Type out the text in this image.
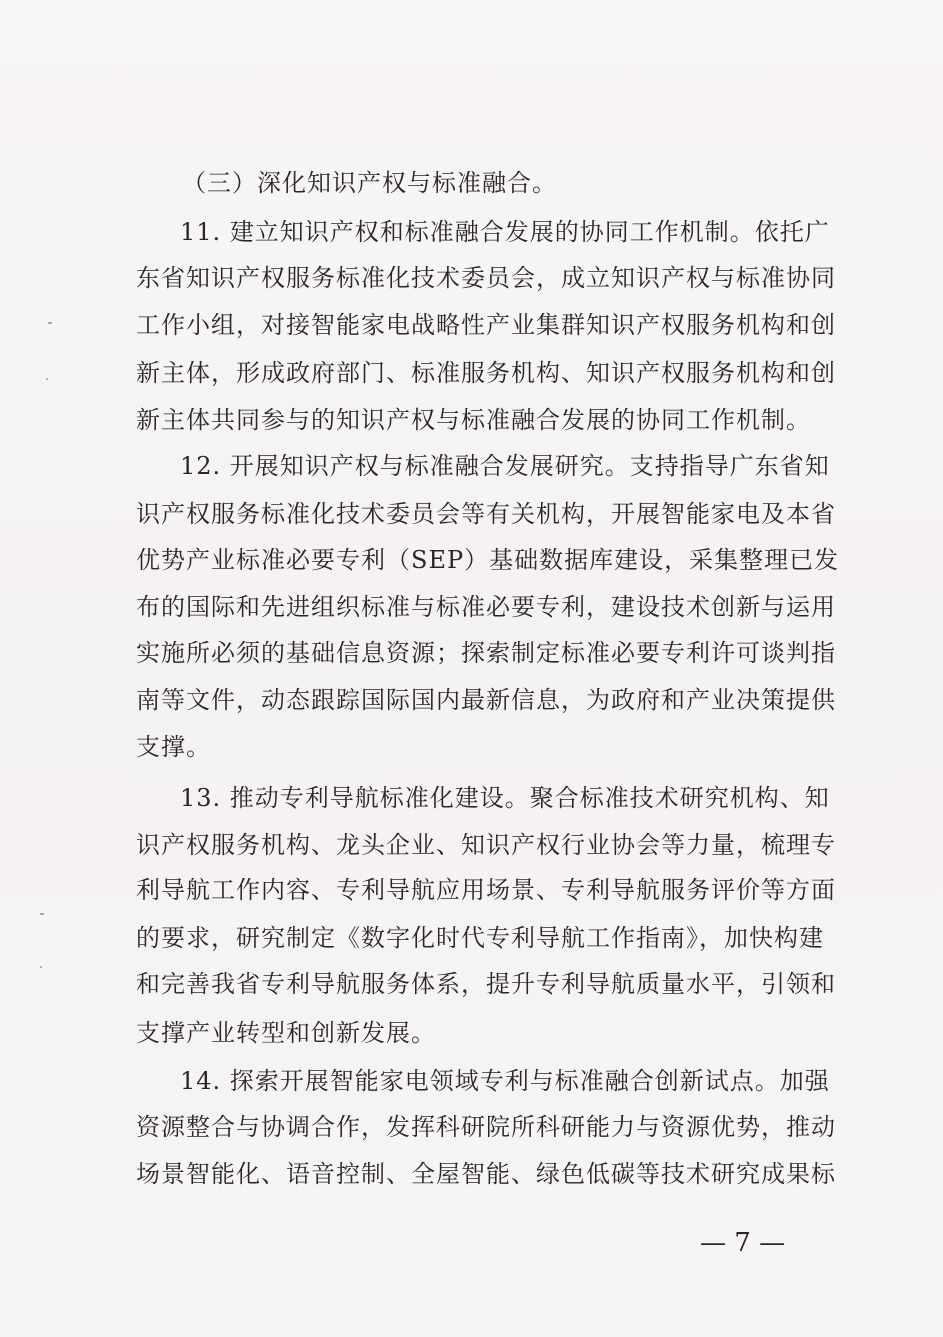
（三）深化知识产权与标准融合。
11. 建立知识产权和标准融合发展的协同工作机制。依托广
东省知识产权服务标准化技术委员会，成立知识产权与标准协同
工作小组，对接智能家电战略性产业集群知识产权服务机构和创
新主体，形成政府部门、标准服务机构、知识产权服务机构和创
新主体共同参与的知识产权与标准融合发展的协同工作机制。
12. 开展知识产权与标准融合发展研究。支持指导广东省知
识产权服务标准化技术委员会等有关机构，开展智能家电及本省
优势产业标准必要专利（SEP）基础数据库建设，采集整理已发
布的国际和先进组织标准与标准必要专利，建设技术创新与运用
实施所必须的基础信息资源；探索制定标准必要专利许可谈判指
南等文件，动态跟踪国际国内最新信息，为政府和产业决策提供
支撑。
13. 推动专利导航标准化建设。聚合标准技术研究机构、知
识产权服务机构、龙头企业、知识产权行业协会等力量，梳理专
利导航工作内容、专利导航应用场景、专利导航服务评价等方面
的要求，研究制定《数字化时代专利导航工作指南》，加快构建
和完善我省专利导航服务体系，提升专利导航质量水平，引领和
支撑产业转型和创新发展。
14. 探索开展智能家电领域专利与标准融合创新试点。加强
资源整合与协调合作，发挥科研院所科研能力与资源优势，推动
场景智能化、语音控制、全屋智能、绿色低碳等技术研究成果标
— 7 —
